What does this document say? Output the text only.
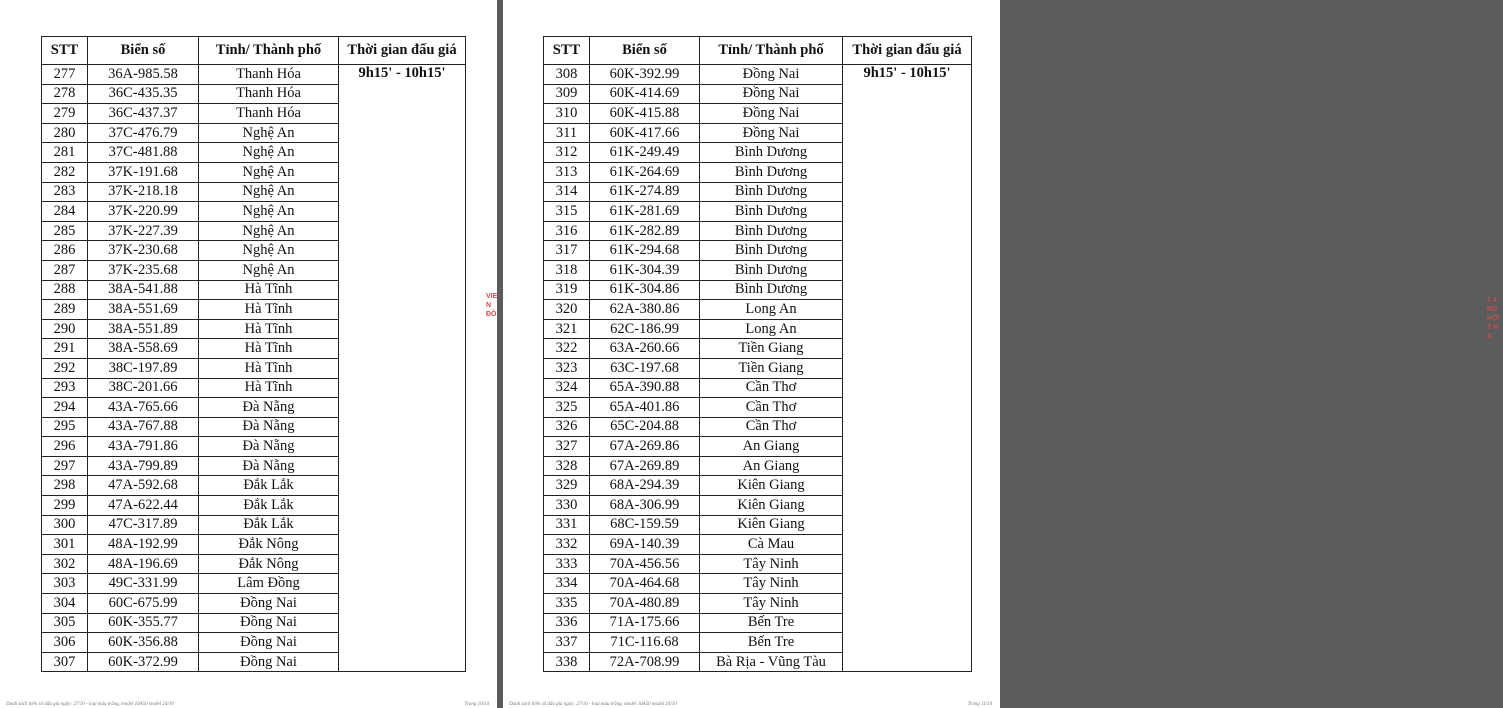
STT	Biển số	Tỉnh/ Thành phố	Thời gian đấu giá
277	36A-985.58	Thanh Hóa	9h15' - 10h15'
278	36C-435.35	Thanh Hóa	
279	36C-437.37	Thanh Hóa	
280	37C-476.79	Nghệ An	
281	37C-481.88	Nghệ An	
282	37K-191.68	Nghệ An	
283	37K-218.18	Nghệ An	
284	37K-220.99	Nghệ An	
285	37K-227.39	Nghệ An	
286	37K-230.68	Nghệ An	
287	37K-235.68	Nghệ An	
288	38A-541.88	Hà Tĩnh	
289	38A-551.69	Hà Tĩnh	
290	38A-551.89	Hà Tĩnh	
291	38A-558.69	Hà Tĩnh	
292	38C-197.89	Hà Tĩnh	
293	38C-201.66	Hà Tĩnh	
294	43A-765.66	Đà Nẵng	
295	43A-767.88	Đà Nẵng	
296	43A-791.86	Đà Nẵng	
297	43A-799.89	Đà Nẵng	
298	47A-592.68	Đắk Lắk	
299	47A-622.44	Đắk Lắk	
300	47C-317.89	Đắk Lắk	
301	48A-192.99	Đắk Nông	
302	48A-196.69	Đắk Nông	
303	49C-331.99	Lâm Đồng	
304	60C-675.99	Đồng Nai	
305	60K-355.77	Đồng Nai	
306	60K-356.88	Đồng Nai	
307	60K-372.99	Đồng Nai	
VIE
N
ĐÔ
Danh sách biển số đấu giá ngày: 27/10 - loại màu trắng, model 16A50 model 24/10	Trang 10/34
STT	Biển số	Tỉnh/ Thành phố	Thời gian đấu giá
308	60K-392.99	Đồng Nai	9h15' - 10h15'
309	60K-414.69	Đồng Nai	
310	60K-415.88	Đồng Nai	
311	60K-417.66	Đồng Nai	
312	61K-249.49	Bình Dương	
313	61K-264.69	Bình Dương	
314	61K-274.89	Bình Dương	
315	61K-281.69	Bình Dương	
316	61K-282.89	Bình Dương	
317	61K-294.68	Bình Dương	
318	61K-304.39	Bình Dương	
319	61K-304.86	Bình Dương	
320	62A-380.86	Long An	
321	62C-186.99	Long An	
322	63A-260.66	Tiền Giang	
323	63C-197.68	Tiền Giang	
324	65A-390.88	Cần Thơ	
325	65A-401.86	Cần Thơ	
326	65C-204.88	Cần Thơ	
327	67A-269.86	An Giang	
328	67A-269.89	An Giang	
329	68A-294.39	Kiên Giang	
330	68A-306.99	Kiên Giang	
331	68C-159.59	Kiên Giang	
332	69A-140.39	Cà Mau	
333	70A-456.56	Tây Ninh	
334	70A-464.68	Tây Ninh	
335	70A-480.89	Tây Ninh	
336	71A-175.66	Bến Tre	
337	71C-116.68	Bến Tre	
338	72A-708.99	Bà Rịa - Vũng Tàu	
1 4
NG
HỘI
T N
4
Danh sách biển số đấu giá ngày: 27/10 - loại màu trắng, model 16A50 model 24/10	Trang 11/34
